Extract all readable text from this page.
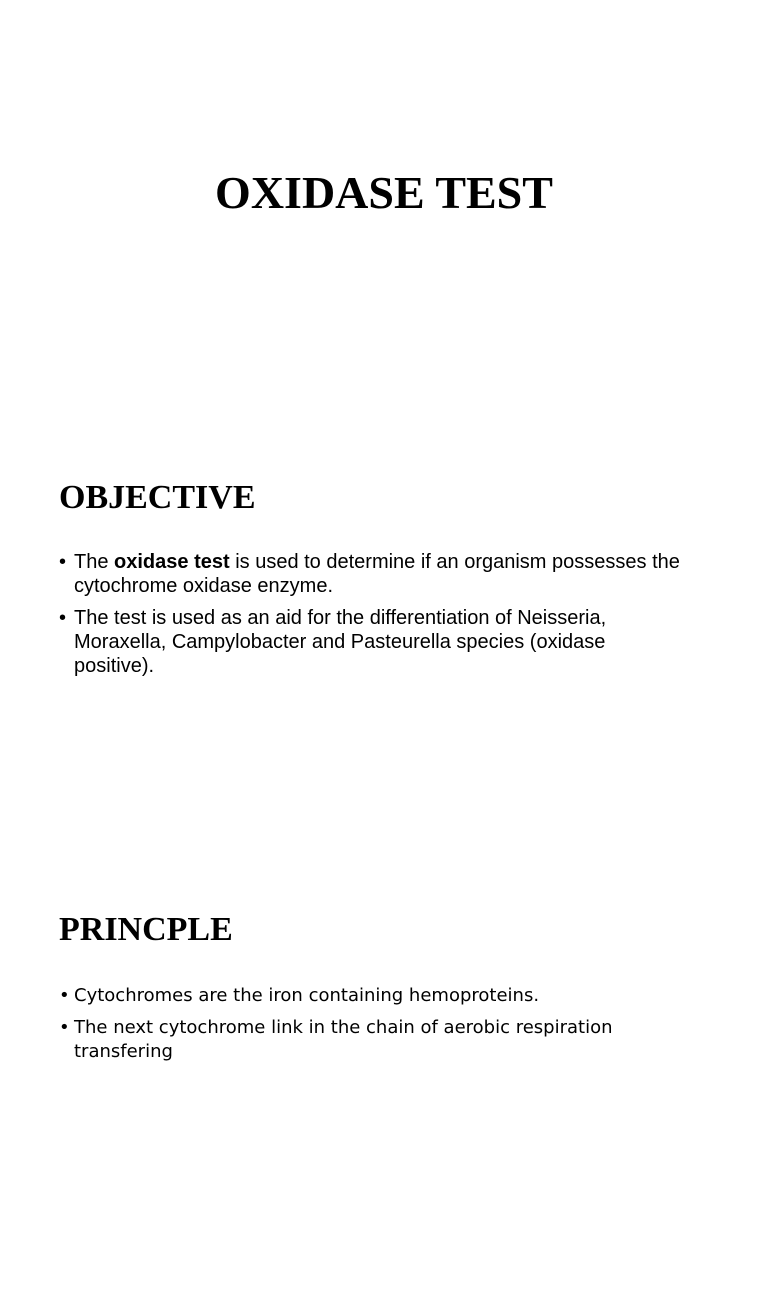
OXIDASE TEST
OBJECTIVE
• The oxidase test is used to determine if an organism possesses the cytochrome oxidase enzyme.
• The test is used as an aid for the differentiation of Neisseria, Moraxella, Campylobacter and Pasteurella species (oxidase positive).
PRINCPLE
• Cytochromes are the iron containing hemoproteins.
• The next cytochrome link in the chain of aerobic respiration transfering
